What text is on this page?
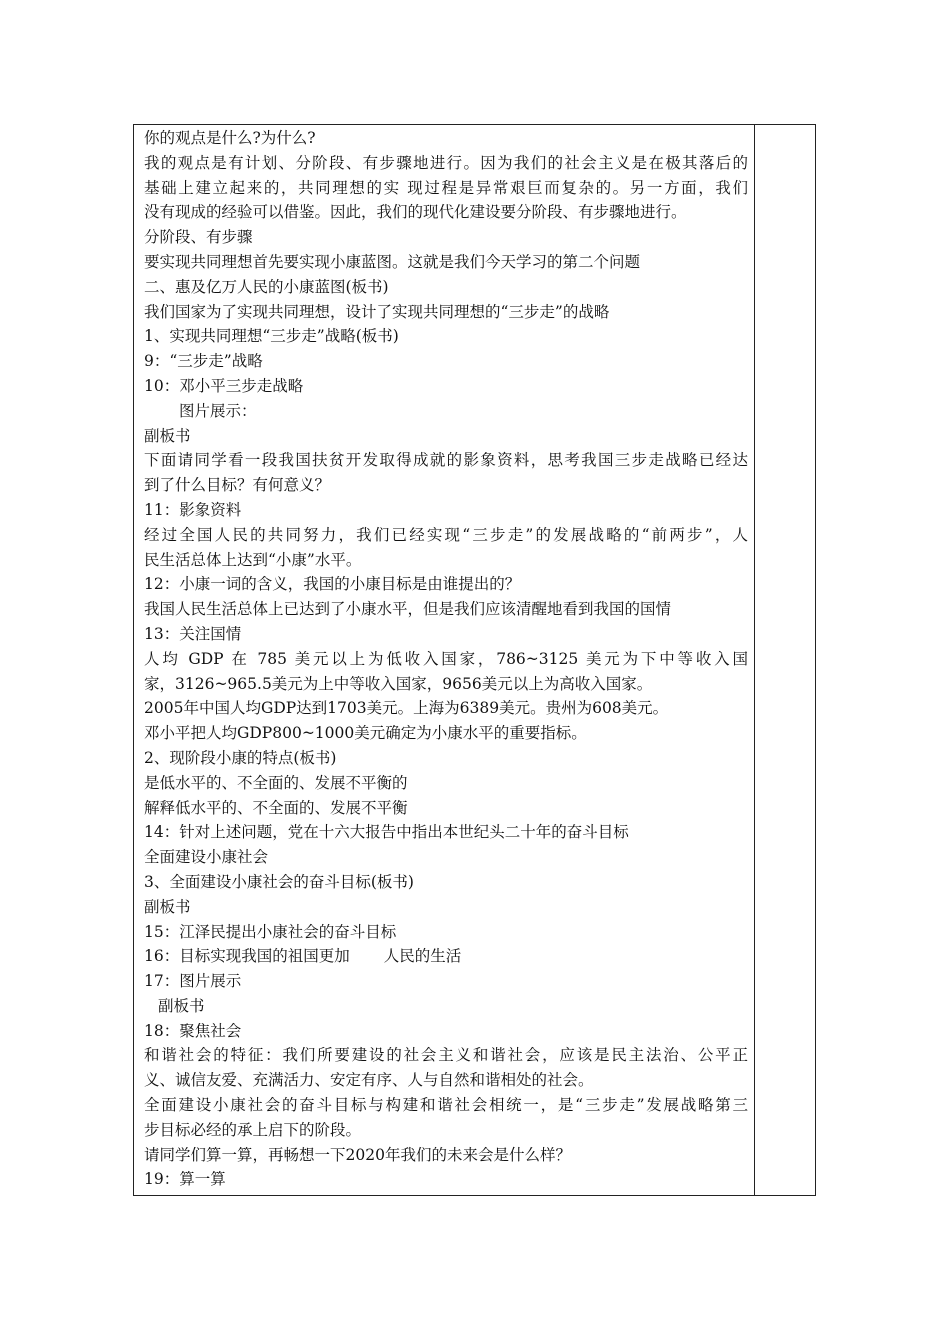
你的观点是什么?为什么?
我的观点是有计划、分阶段、有步骤地进行。因为我们的社会主义是在极其落后的
基础上建立起来的，共同理想的实 现过程是异常艰巨而复杂的。另一方面，我们
没有现成的经验可以借鉴。因此，我们的现代化建设要分阶段、有步骤地进行。
分阶段、有步骤
要实现共同理想首先要实现小康蓝图。这就是我们今天学习的第二个问题
二、惠及亿万人民的小康蓝图(板书)
我们国家为了实现共同理想，设计了实现共同理想的“三步走”的战略
1、实现共同理想“三步走”战略(板书)
9：“三步走”战略
10：邓小平三步走战略
图片展示：
副板书
下面请同学看一段我国扶贫开发取得成就的影象资料，思考我国三步走战略已经达
到了什么目标？有何意义？
11：影象资料
经过全国人民的共同努力，我们已经实现“三步走”的发展战略的“前两步”，人
民生活总体上达到“小康”水平。
12：小康一词的含义，我国的小康目标是由谁提出的？
我国人民生活总体上已达到了小康水平，但是我们应该清醒地看到我国的国情
13：关注国情
人均 GDP 在 785 美元以上为低收入国家，786~3125 美元为下中等收入国
家，3126~965.5美元为上中等收入国家，9656美元以上为高收入国家。
2005年中国人均GDP达到1703美元。上海为6389美元。贵州为608美元。
邓小平把人均GDP800~1000美元确定为小康水平的重要指标。
2、现阶段小康的特点(板书)
是低水平的、不全面的、发展不平衡的
解释低水平的、不全面的、发展不平衡
14：针对上述问题，党在十六大报告中指出本世纪头二十年的奋斗目标
全面建设小康社会
3、全面建设小康社会的奋斗目标(板书)
副板书
15：江泽民提出小康社会的奋斗目标
16：目标实现我国的祖国更加 人民的生活
17：图片展示
副板书
18：聚焦社会
和谐社会的特征：我们所要建设的社会主义和谐社会，应该是民主法治、公平正
义、诚信友爱、充满活力、安定有序、人与自然和谐相处的社会。
全面建设小康社会的奋斗目标与构建和谐社会相统一，是“三步走”发展战略第三
步目标必经的承上启下的阶段。
请同学们算一算，再畅想一下2020年我们的未来会是什么样？
19：算一算
